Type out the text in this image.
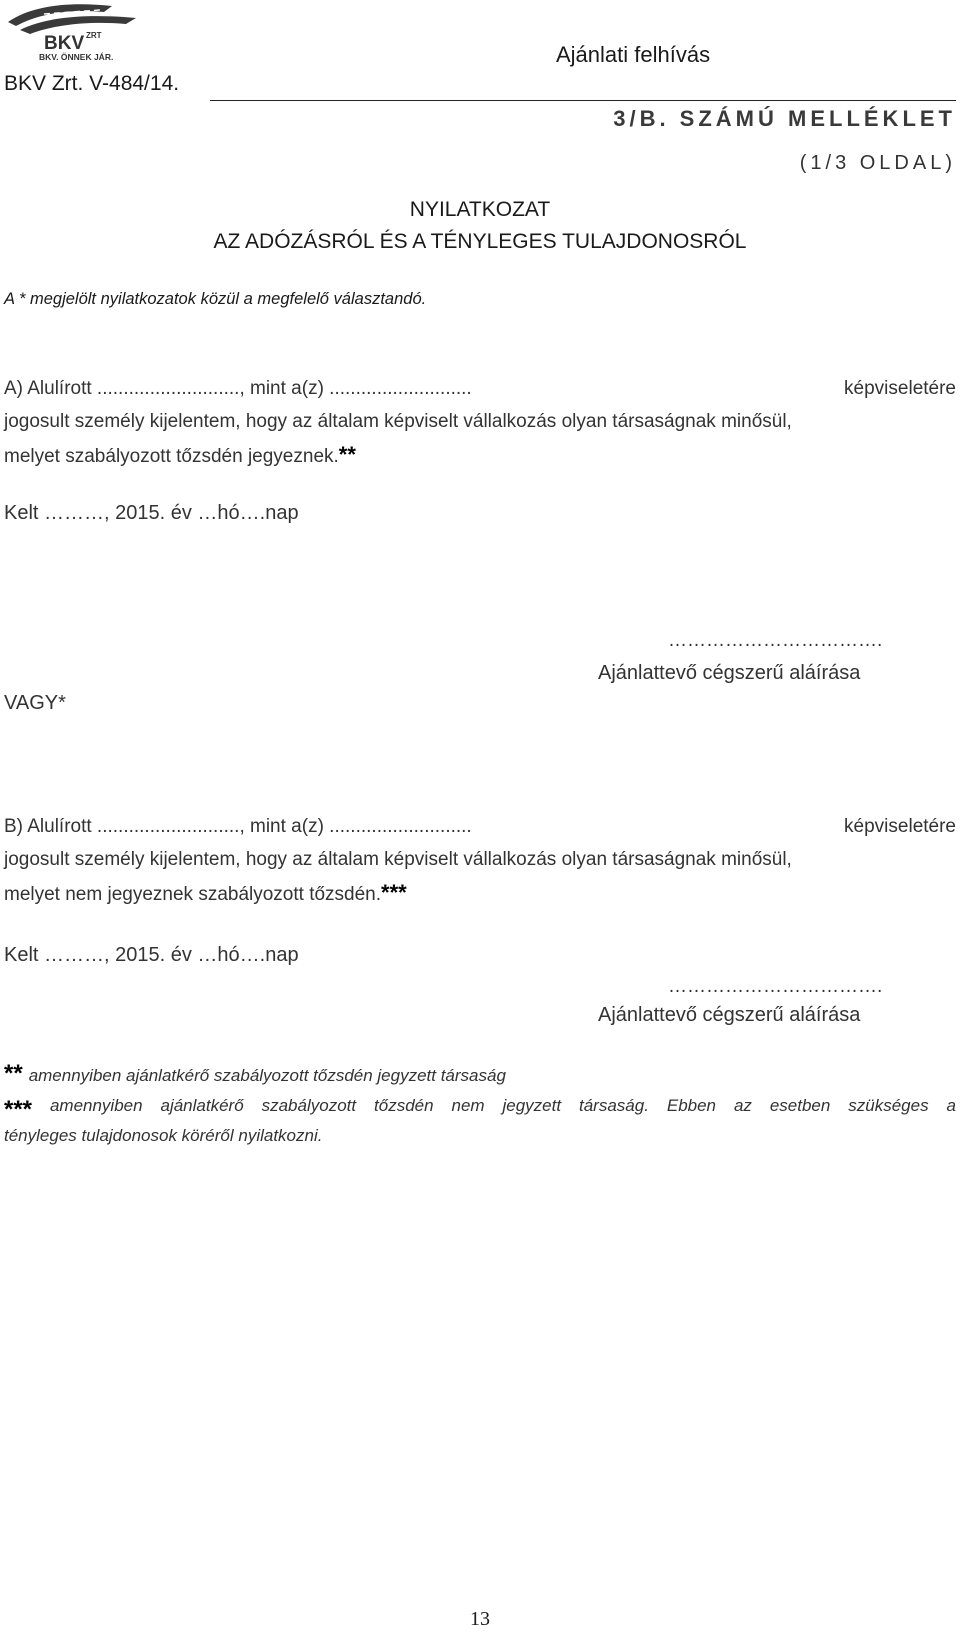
BKV ZRT
BKV. ÖNNEK JÁR.
BKV Zrt. V-484/14.
Ajánlati felhívás
3/B. SZÁMÚ MELLÉKLET
(1/3 OLDAL)
NYILATKOZAT
AZ ADÓZÁSRÓL ÉS A TÉNYLEGES TULAJDONOSRÓL
A * megjelölt nyilatkozatok közül a megfelelő választandó.
A) Alulírott ..........................., mint a(z) ...........................	képviseletére
jogosult személy kijelentem, hogy az általam képviselt vállalkozás olyan társaságnak minősül,
melyet szabályozott tőzsdén jegyeznek.**
Kelt ………, 2015. év …hó….nap
…………………………….
Ajánlattevő cégszerű aláírása
VAGY*
B) Alulírott ..........................., mint a(z) ...........................	képviseletére
jogosult személy kijelentem, hogy az általam képviselt vállalkozás olyan társaságnak minősül,
melyet nem jegyeznek szabályozott tőzsdén.***
Kelt ………, 2015. év …hó….nap
…………………………….
Ajánlattevő cégszerű aláírása
** amennyiben ajánlatkérő szabályozott tőzsdén jegyzett társaság
*** amennyiben ajánlatkérő szabályozott tőzsdén nem jegyzett társaság. Ebben az esetben szükséges a
tényleges tulajdonosok köréről nyilatkozni.
13
